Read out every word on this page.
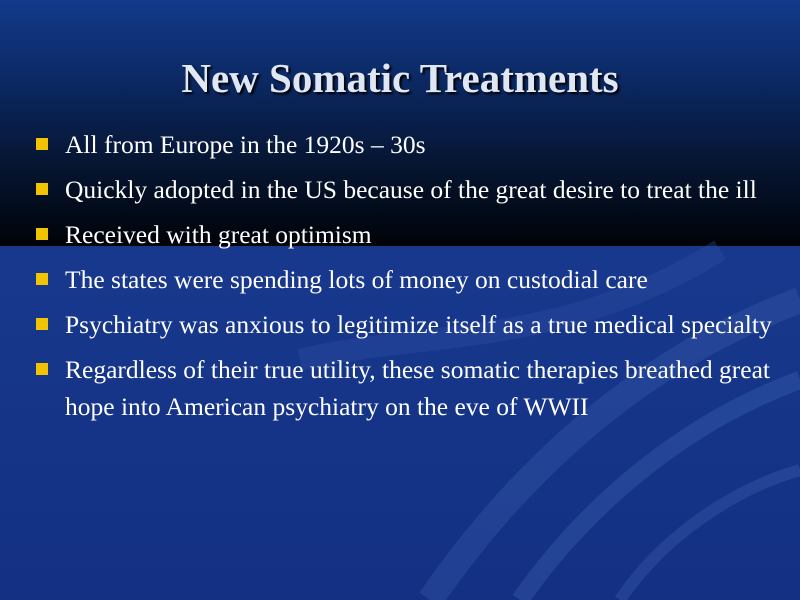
New Somatic Treatments
All from Europe in the 1920s – 30s
Quickly adopted in the US because of the great desire to treat the ill
Received with great optimism
The states were spending lots of money on custodial care
Psychiatry was anxious to legitimize itself as a true medical specialty
Regardless of their true utility, these somatic therapies breathed great hope into American psychiatry on the eve of WWII
